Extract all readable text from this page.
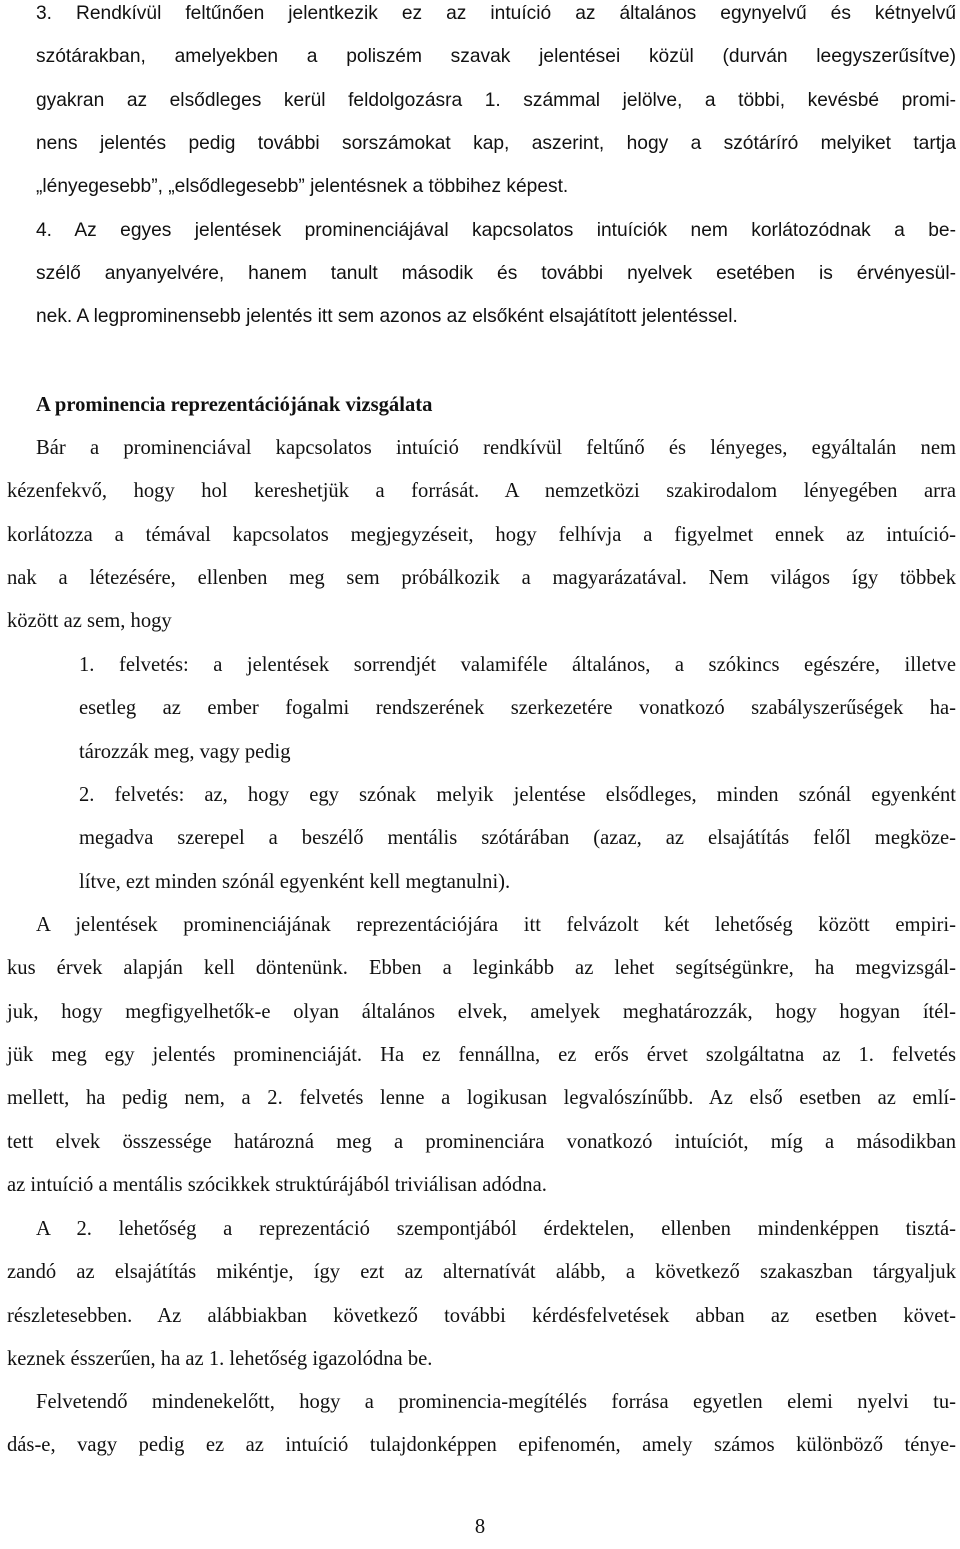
3. Rendkívül feltűnően jelentkezik ez az intuíció az általános egynyelvű és kétnyelvű
szótárakban, amelyekben a poliszém szavak jelentései közül (durván leegyszerűsítve)
gyakran az elsődleges kerül feldolgozásra 1. számmal jelölve, a többi, kevésbé promi-
nens jelentés pedig további sorszámokat kap, aszerint, hogy a szótáríró melyiket tartja
„lényegesebb”, „elsődlegesebb” jelentésnek a többihez képest.
4. Az egyes jelentések prominenciájával kapcsolatos intuíciók nem korlátozódnak a be-
szélő anyanyelvére, hanem tanult második és további nyelvek esetében is érvényesül-
nek. A legprominensebb jelentés itt sem azonos az elsőként elsajátított jelentéssel.
A prominencia reprezentációjának vizsgálata
Bár a prominenciával kapcsolatos intuíció rendkívül feltűnő és lényeges, egyáltalán nem
kézenfekvő, hogy hol kereshetjük a forrását. A nemzetközi szakirodalom lényegében arra
korlátozza a témával kapcsolatos megjegyzéseit, hogy felhívja a figyelmet ennek az intuíció-
nak a létezésére, ellenben meg sem próbálkozik a magyarázatával. Nem világos így többek
között az sem, hogy
1. felvetés: a jelentések sorrendjét valamiféle általános, a szókincs egészére, illetve
esetleg az ember fogalmi rendszerének szerkezetére vonatkozó szabályszerűségek ha-
tározzák meg, vagy pedig
2. felvetés: az, hogy egy szónak melyik jelentése elsődleges, minden szónál egyenként
megadva szerepel a beszélő mentális szótárában (azaz, az elsajátítás felől megköze-
lítve, ezt minden szónál egyenként kell megtanulni).
A jelentések prominenciájának reprezentációjára itt felvázolt két lehetőség között empiri-
kus érvek alapján kell döntenünk. Ebben a leginkább az lehet segítségünkre, ha megvizsgál-
juk, hogy megfigyelhetők-e olyan általános elvek, amelyek meghatározzák, hogy hogyan ítél-
jük meg egy jelentés prominenciáját. Ha ez fennállna, ez erős érvet szolgáltatna az 1. felvetés
mellett, ha pedig nem, a 2. felvetés lenne a logikusan legvalószínűbb. Az első esetben az emlí-
tett elvek összessége határozná meg a prominenciára vonatkozó intuíciót, míg a másodikban
az intuíció a mentális szócikkek struktúrájából triviálisan adódna.
A 2. lehetőség a reprezentáció szempontjából érdektelen, ellenben mindenképpen tisztá-
zandó az elsajátítás mikéntje, így ezt az alternatívát alább, a következő szakaszban tárgyaljuk
részletesebben. Az alábbiakban következő további kérdésfelvetések abban az esetben követ-
keznek ésszerűen, ha az 1. lehetőség igazolódna be.
Felvetendő mindenekelőtt, hogy a prominencia-megítélés forrása egyetlen elemi nyelvi tu-
dás-e, vagy pedig ez az intuíció tulajdonképpen epifenomén, amely számos különböző ténye-
8
